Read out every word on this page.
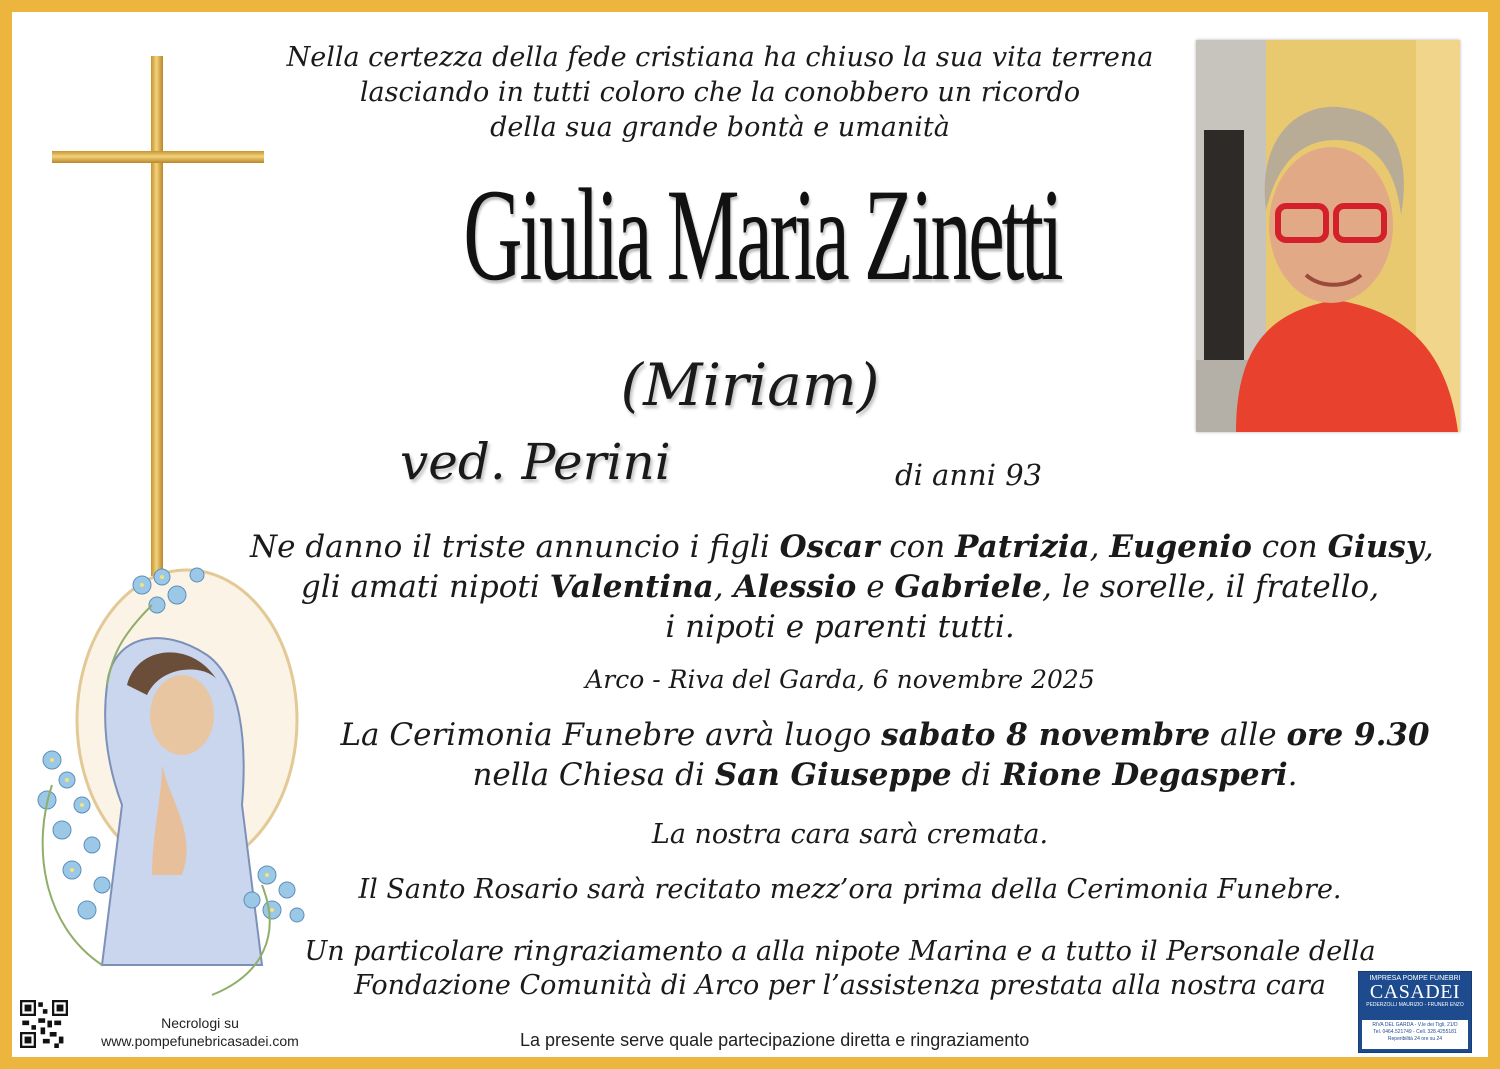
Nella certezza della fede cristiana ha chiuso la sua vita terrena
lasciando in tutti coloro che la conobbero un ricordo
della sua grande bontà e umanità
Giulia Maria Zinetti
(Miriam)
ved. Perini	di anni 93
Ne danno il triste annuncio i figli Oscar con Patrizia, Eugenio con Giusy,
gli amati nipoti Valentina, Alessio e Gabriele, le sorelle, il fratello,
i nipoti e parenti tutti.
Arco - Riva del Garda, 6 novembre 2025
La Cerimonia Funebre avrà luogo sabato 8 novembre alle ore 9.30
nella Chiesa di San Giuseppe di Rione Degasperi.
La nostra cara sarà cremata.
Il Santo Rosario sarà recitato mezz’ora prima della Cerimonia Funebre.
Un particolare ringraziamento a alla nipote Marina e a tutto il Personale della
Fondazione Comunità di Arco per l’assistenza prestata alla nostra cara
Necrologi su
www.pompefunebricasadei.com	La presente serve quale partecipazione diretta e ringraziamento
IMPRESA POMPE FUNEBRI
CASADEI
PEDERZOLLI MAURIZIO - FRUNER ENZO
RIVA DEL GARDA - V.le dei Tigli, 21/D
Tel. 0464.521749 - Cell. 328.4255181
Reperibilità 24 ore su 24
